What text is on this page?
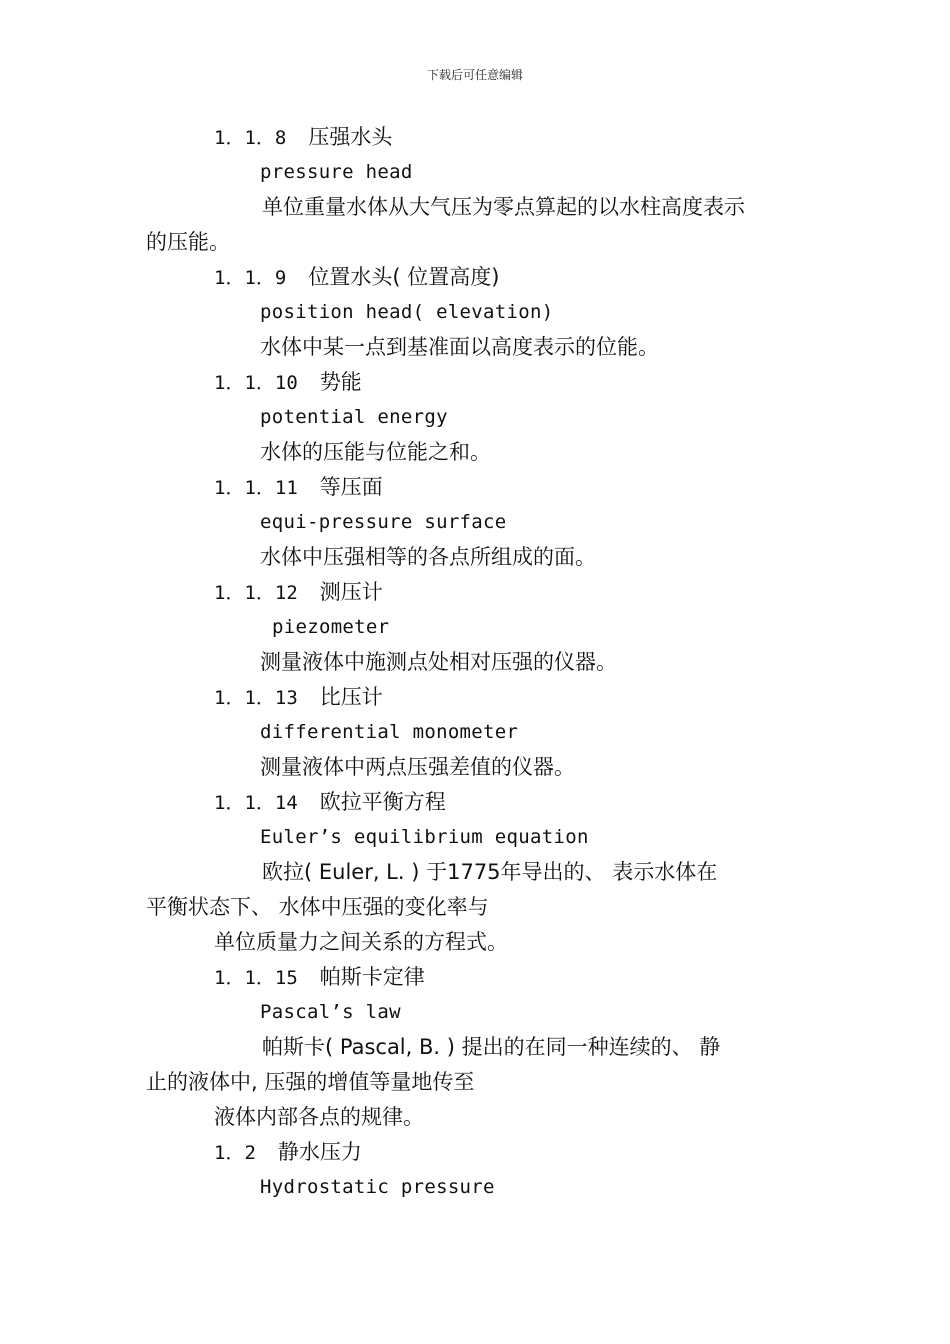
下载后可任意编辑
1．1．8 压强水头
pressure head
单位重量水体从大气压为零点算起的以水柱高度表示
的压能。
1．1．9 位置水头( 位置高度)
position head( elevation)
水体中某一点到基准面以高度表示的位能。
1．1．10 势能
potential energy
水体的压能与位能之和。
1．1．11 等压面
equi-pressure surface
水体中压强相等的各点所组成的面。
1．1．12 测压计
piezometer
测量液体中施测点处相对压强的仪器。
1．1．13 比压计
differential monometer
测量液体中两点压强差值的仪器。
1．1．14 欧拉平衡方程
Euler’s equilibrium equation
欧拉( Euler, L. ) 于1775年导出的、 表示水体在
平衡状态下、 水体中压强的变化率与
单位质量力之间关系的方程式。
1．1．15 帕斯卡定律
Pascal’s law
帕斯卡( Pascal, B. ) 提出的在同一种连续的、 静
止的液体中, 压强的增值等量地传至
液体内部各点的规律。
1．2 静水压力
Hydrostatic pressure
